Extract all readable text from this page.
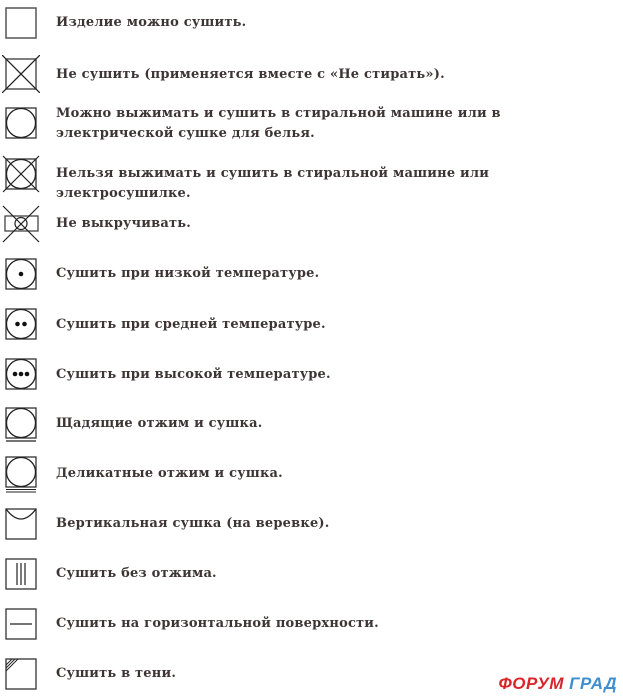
Изделие можно сушить.
Не сушить (применяется вместе с «Не стирать»).
Можно выжимать и сушить в стиральной машине или в электрической сушке для белья.
Нельзя выжимать и сушить в стиральной машине или электросушилке.
Не выкручивать.
Сушить при низкой температуре.
Сушить при средней температуре.
Сушить при высокой температуре.
Щадящие отжим и сушка.
Деликатные отжим и сушка.
Вертикальная сушка (на веревке).
Сушить без отжима.
Сушить на горизонтальной поверхности.
Сушить в тени.
ФОРУМ ГРАД
